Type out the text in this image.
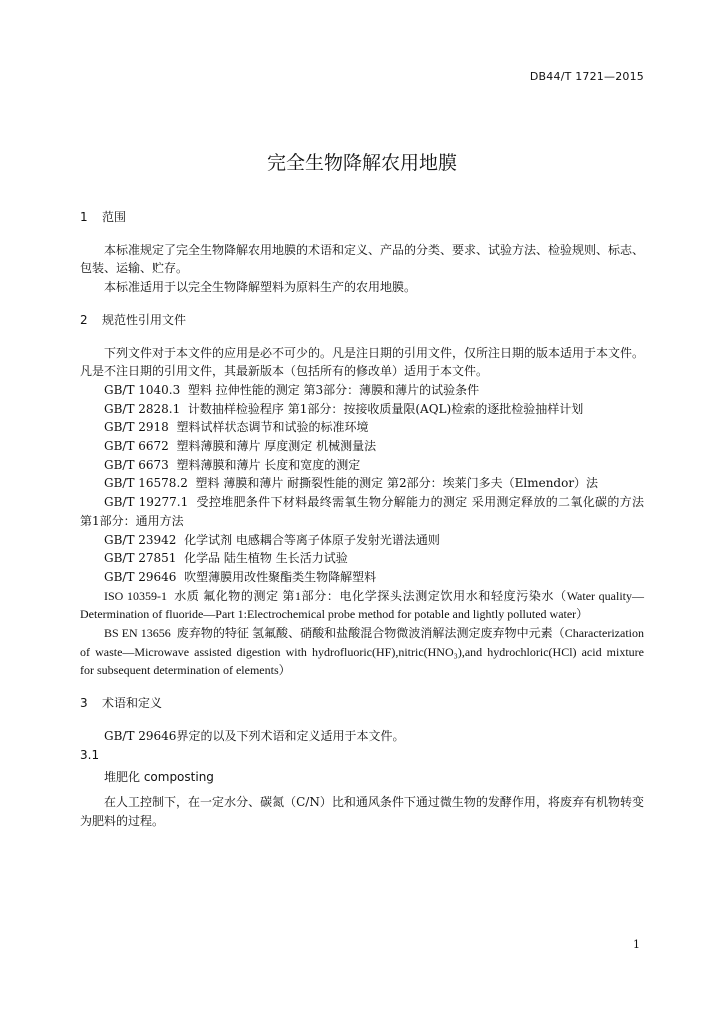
DB44/T 1721—2015
完全生物降解农用地膜
1 范围

本标准规定了完全生物降解农用地膜的术语和定义、产品的分类、要求、试验方法、检验规则、标志、包装、运输、贮存。

本标准适用于以完全生物降解塑料为原料生产的农用地膜。

2 规范性引用文件

下列文件对于本文件的应用是必不可少的。凡是注日期的引用文件，仅所注日期的版本适用于本文件。凡是不注日期的引用文件，其最新版本（包括所有的修改单）适用于本文件。

GB/T 1040.3 塑料 拉伸性能的测定 第3部分：薄膜和薄片的试验条件
GB/T 2828.1 计数抽样检验程序 第1部分：按接收质量限(AQL)检索的逐批检验抽样计划
GB/T 2918 塑料试样状态调节和试验的标准环境
GB/T 6672 塑料薄膜和薄片 厚度测定 机械测量法
GB/T 6673 塑料薄膜和薄片 长度和宽度的测定
GB/T 16578.2 塑料 薄膜和薄片 耐撕裂性能的测定 第2部分：埃莱门多夫（Elmendor）法
GB/T 19277.1 受控堆肥条件下材料最终需氧生物分解能力的测定 采用测定释放的二氧化碳的方法 第1部分：通用方法
GB/T 23942 化学试剂 电感耦合等离子体原子发射光谱法通则
GB/T 27851 化学品 陆生植物 生长活力试验
GB/T 29646 吹塑薄膜用改性聚酯类生物降解塑料
ISO 10359-1 水质 氟化物的测定 第1部分：电化学探头法测定饮用水和轻度污染水（Water quality—Determination of fluoride—Part 1:Electrochemical probe method for potable and lightly polluted water）
BS EN 13656 废弃物的特征 氢氟酸、硝酸和盐酸混合物微波消解法测定废弃物中元素（Characterization of waste—Microwave assisted digestion with hydrofluoric(HF),nitric(HNO₃),and hydrochloric(HCl) acid mixture for subsequent determination of elements）
3 术语和定义

GB/T 29646界定的以及下列术语和定义适用于本文件。

3.1
堆肥化 composting

在人工控制下，在一定水分、碳氮（C/N）比和通风条件下通过微生物的发酵作用，将废弃有机物转变为肥料的过程。

1
